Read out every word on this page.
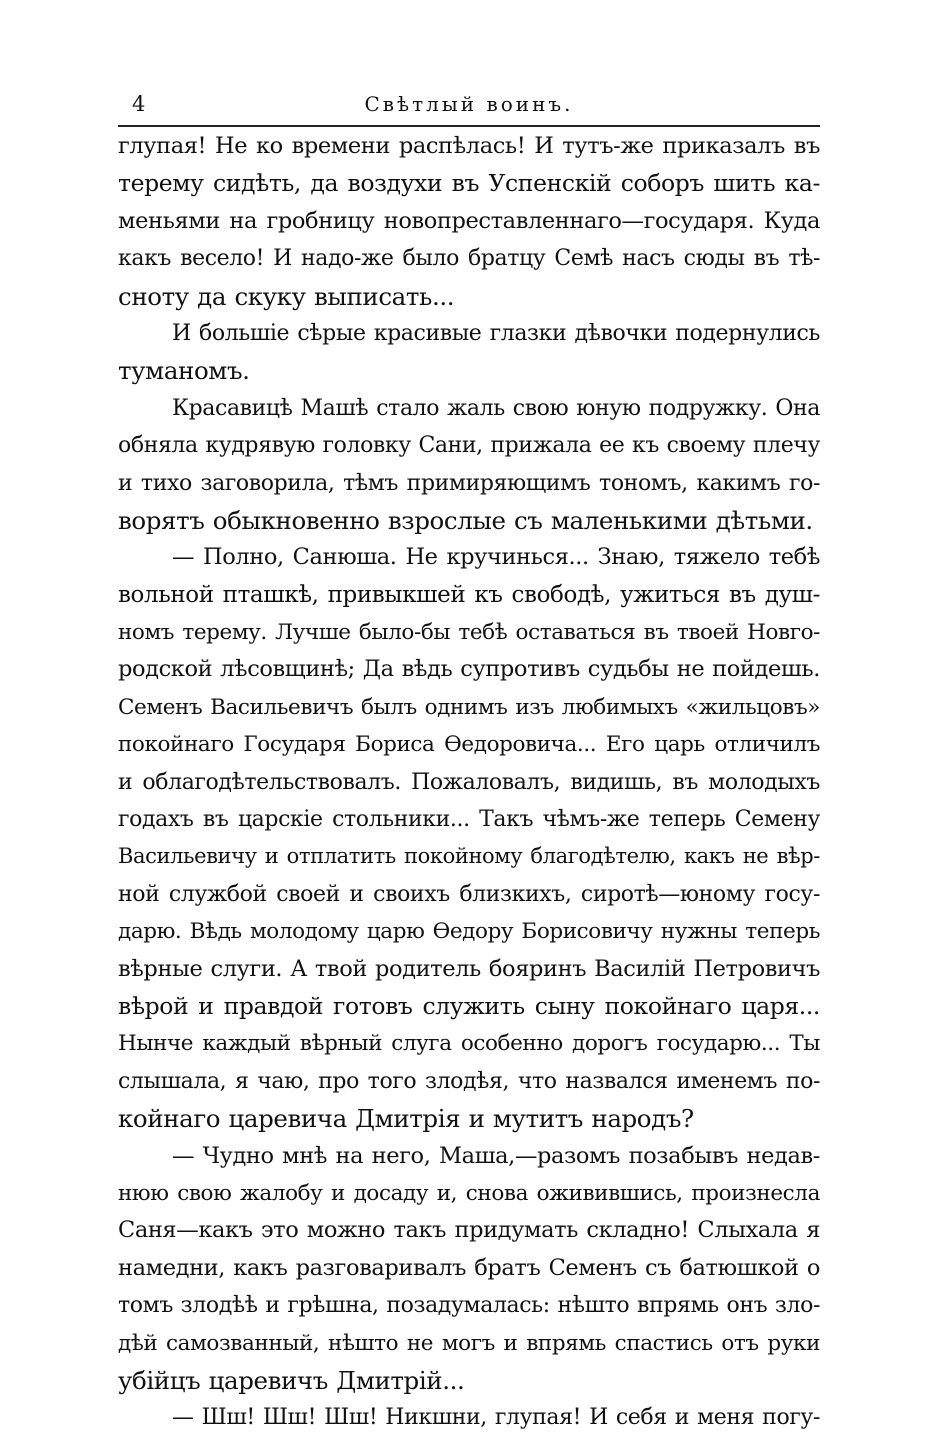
4	Свѣтлый воинъ.
глупая! Не ко времени распѣлась! И тутъ-же приказалъ въ
терему сидѣть, да воздухи въ Успенскій соборъ шить ка-
меньями на гробницу новопреставленнаго—государя. Куда
какъ весело! И надо-же было братцу Семѣ насъ сюды въ тѣ-
сноту да скуку выписать...
И большіе сѣрые красивые глазки дѣвочки подернулись
туманомъ.
Красавицѣ Машѣ стало жаль свою юную подружку. Она
обняла кудрявую головку Сани, прижала ее къ своему плечу
и тихо заговорила, тѣмъ примиряющимъ тономъ, какимъ го-
ворятъ обыкновенно взрослые съ маленькими дѣтьми.
— Полно, Санюша. Не кручинься... Знаю, тяжело тебѣ
вольной пташкѣ, привыкшей къ свободѣ, ужиться въ душ-
номъ терему. Лучше было-бы тебѣ оставаться въ твоей Новго-
родской лѣсовщинѣ; Да вѣдь супротивъ судьбы не пойдешь.
Семенъ Васильевичъ былъ однимъ изъ любимыхъ «жильцовъ»
покойнаго Государя Бориса Ѳедоровича... Его царь отличилъ
и облагодѣтельствовалъ. Пожаловалъ, видишь, въ молодыхъ
годахъ въ царскіе стольники... Такъ чѣмъ-же теперь Семену
Васильевичу и отплатить покойному благодѣтелю, какъ не вѣр-
ной службой своей и своихъ близкихъ, сиротѣ—юному госу-
дарю. Вѣдь молодому царю Ѳедору Борисовичу нужны теперь
вѣрные слуги. А твой родитель бояринъ Василій Петровичъ
вѣрой и правдой готовъ служить сыну покойнаго царя...
Нынче каждый вѣрный слуга особенно дорогъ государю... Ты
слышала, я чаю, про того злодѣя, что назвался именемъ по-
койнаго царевича Дмитрія и мутитъ народъ?
— Чудно мнѣ на него, Маша,—разомъ позабывъ недав-
нюю свою жалобу и досаду и, снова оживившись, произнесла
Саня—какъ это можно такъ придумать складно! Слыхала я
намедни, какъ разговаривалъ братъ Семенъ съ батюшкой о
томъ злодѣѣ и грѣшна, позадумалась: нѣшто впрямь онъ зло-
дѣй самозванный, нѣшто не могъ и впрямь спастись отъ руки
убійцъ царевичъ Дмитрій...
— Шш! Шш! Шш! Никшни, глупая! И себя и меня погу-
